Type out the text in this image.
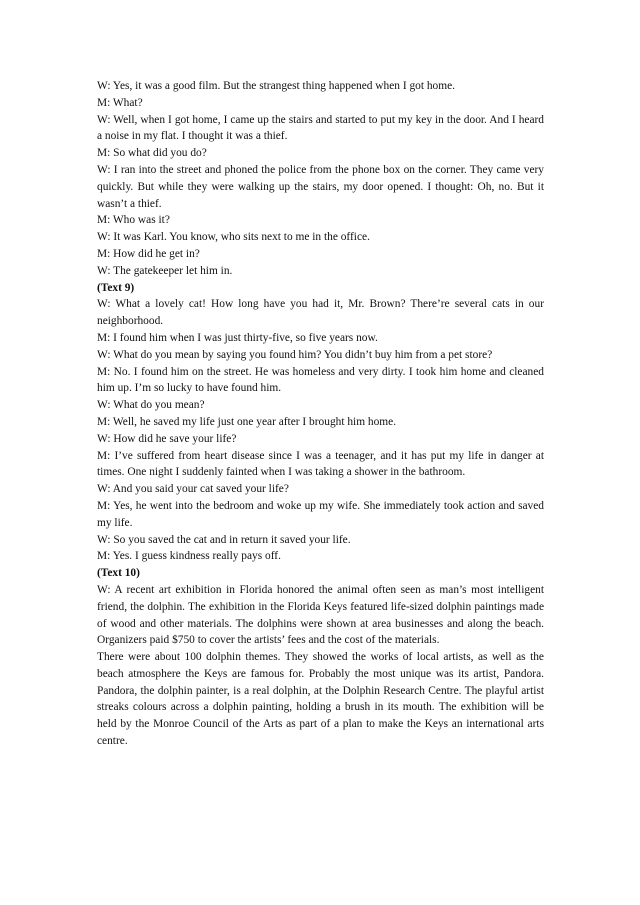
W: Yes, it was a good film. But the strangest thing happened when I got home.

M: What?

W: Well, when I got home, I came up the stairs and started to put my key in the door. And I heard a noise in my flat. I thought it was a thief.

M: So what did you do?

W: I ran into the street and phoned the police from the phone box on the corner. They came very quickly. But while they were walking up the stairs, my door opened. I thought: Oh, no. But it wasn’t a thief.

M: Who was it?

W: It was Karl. You know, who sits next to me in the office.

M: How did he get in?

W: The gatekeeper let him in.

(Text 9)

W: What a lovely cat! How long have you had it, Mr. Brown? There’re several cats in our neighborhood.

M: I found him when I was just thirty-five, so five years now.

W: What do you mean by saying you found him? You didn’t buy him from a pet store?

M: No. I found him on the street. He was homeless and very dirty. I took him home and cleaned him up. I’m so lucky to have found him.

W: What do you mean?

M: Well, he saved my life just one year after I brought him home.

W: How did he save your life?

M: I’ve suffered from heart disease since I was a teenager, and it has put my life in danger at times. One night I suddenly fainted when I was taking a shower in the bathroom.

W: And you said your cat saved your life?

M: Yes, he went into the bedroom and woke up my wife. She immediately took action and saved my life.

W: So you saved the cat and in return it saved your life.

M: Yes. I guess kindness really pays off.

(Text 10)

W: A recent art exhibition in Florida honored the animal often seen as man’s most intelligent friend, the dolphin. The exhibition in the Florida Keys featured life-sized dolphin paintings made of wood and other materials. The dolphins were shown at area businesses and along the beach. Organizers paid $750 to cover the artists’ fees and the cost of the materials.

There were about 100 dolphin themes. They showed the works of local artists, as well as the beach atmosphere the Keys are famous for. Probably the most unique was its artist, Pandora. Pandora, the dolphin painter, is a real dolphin, at the Dolphin Research Centre. The playful artist streaks colours across a dolphin painting, holding a brush in its mouth. The exhibition will be held by the Monroe Council of the Arts as part of a plan to make the Keys an international arts centre.
